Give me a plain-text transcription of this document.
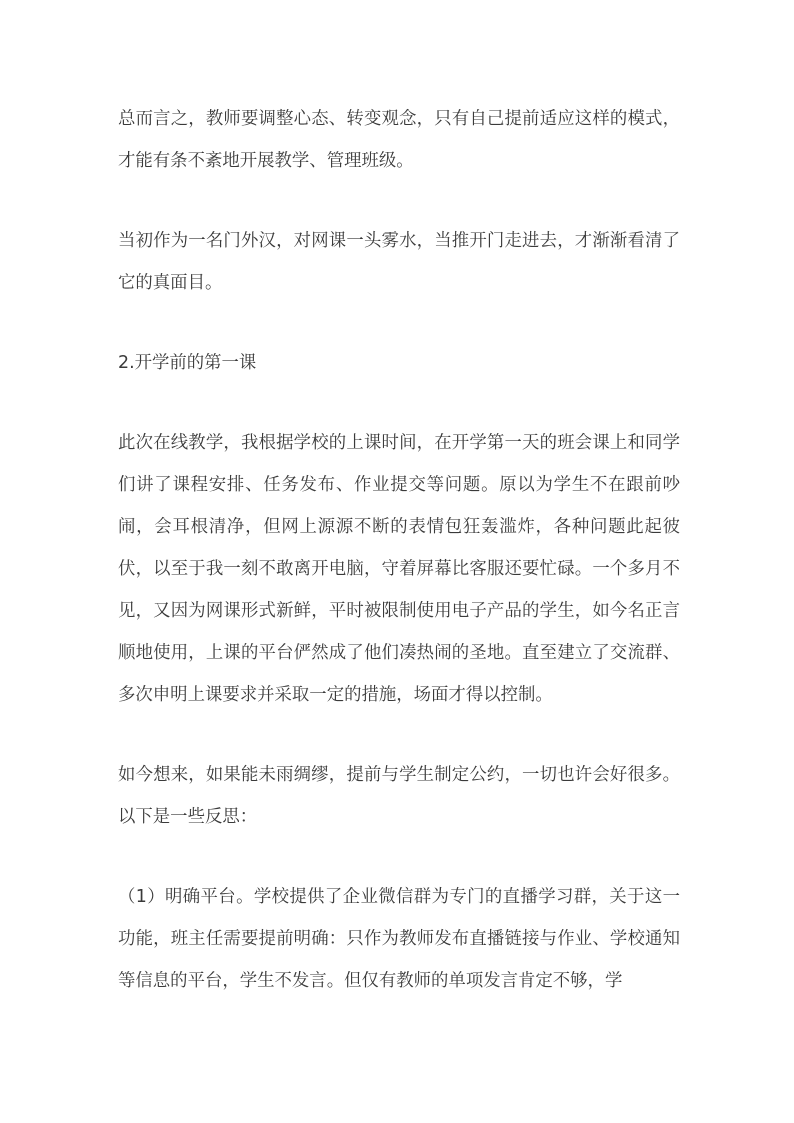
总而言之，教师要调整心态、转变观念，只有自己提前适应这样的模式，才能有条不紊地开展教学、管理班级。

当初作为一名门外汉，对网课一头雾水，当推开门走进去，才渐渐看清了它的真面目。

2.开学前的第一课

此次在线教学，我根据学校的上课时间，在开学第一天的班会课上和同学们讲了课程安排、任务发布、作业提交等问题。原以为学生不在跟前吵闹，会耳根清净，但网上源源不断的表情包狂轰滥炸，各种问题此起彼伏，以至于我一刻不敢离开电脑，守着屏幕比客服还要忙碌。一个多月不见，又因为网课形式新鲜，平时被限制使用电子产品的学生，如今名正言顺地使用，上课的平台俨然成了他们凑热闹的圣地。直至建立了交流群、多次申明上课要求并采取一定的措施，场面才得以控制。

如今想来，如果能未雨绸缪，提前与学生制定公约，一切也许会好很多。以下是一些反思：

（1）明确平台。学校提供了企业微信群为专门的直播学习群，关于这一功能，班主任需要提前明确：只作为教师发布直播链接与作业、学校通知等信息的平台，学生不发言。但仅有教师的单项发言肯定不够，学
